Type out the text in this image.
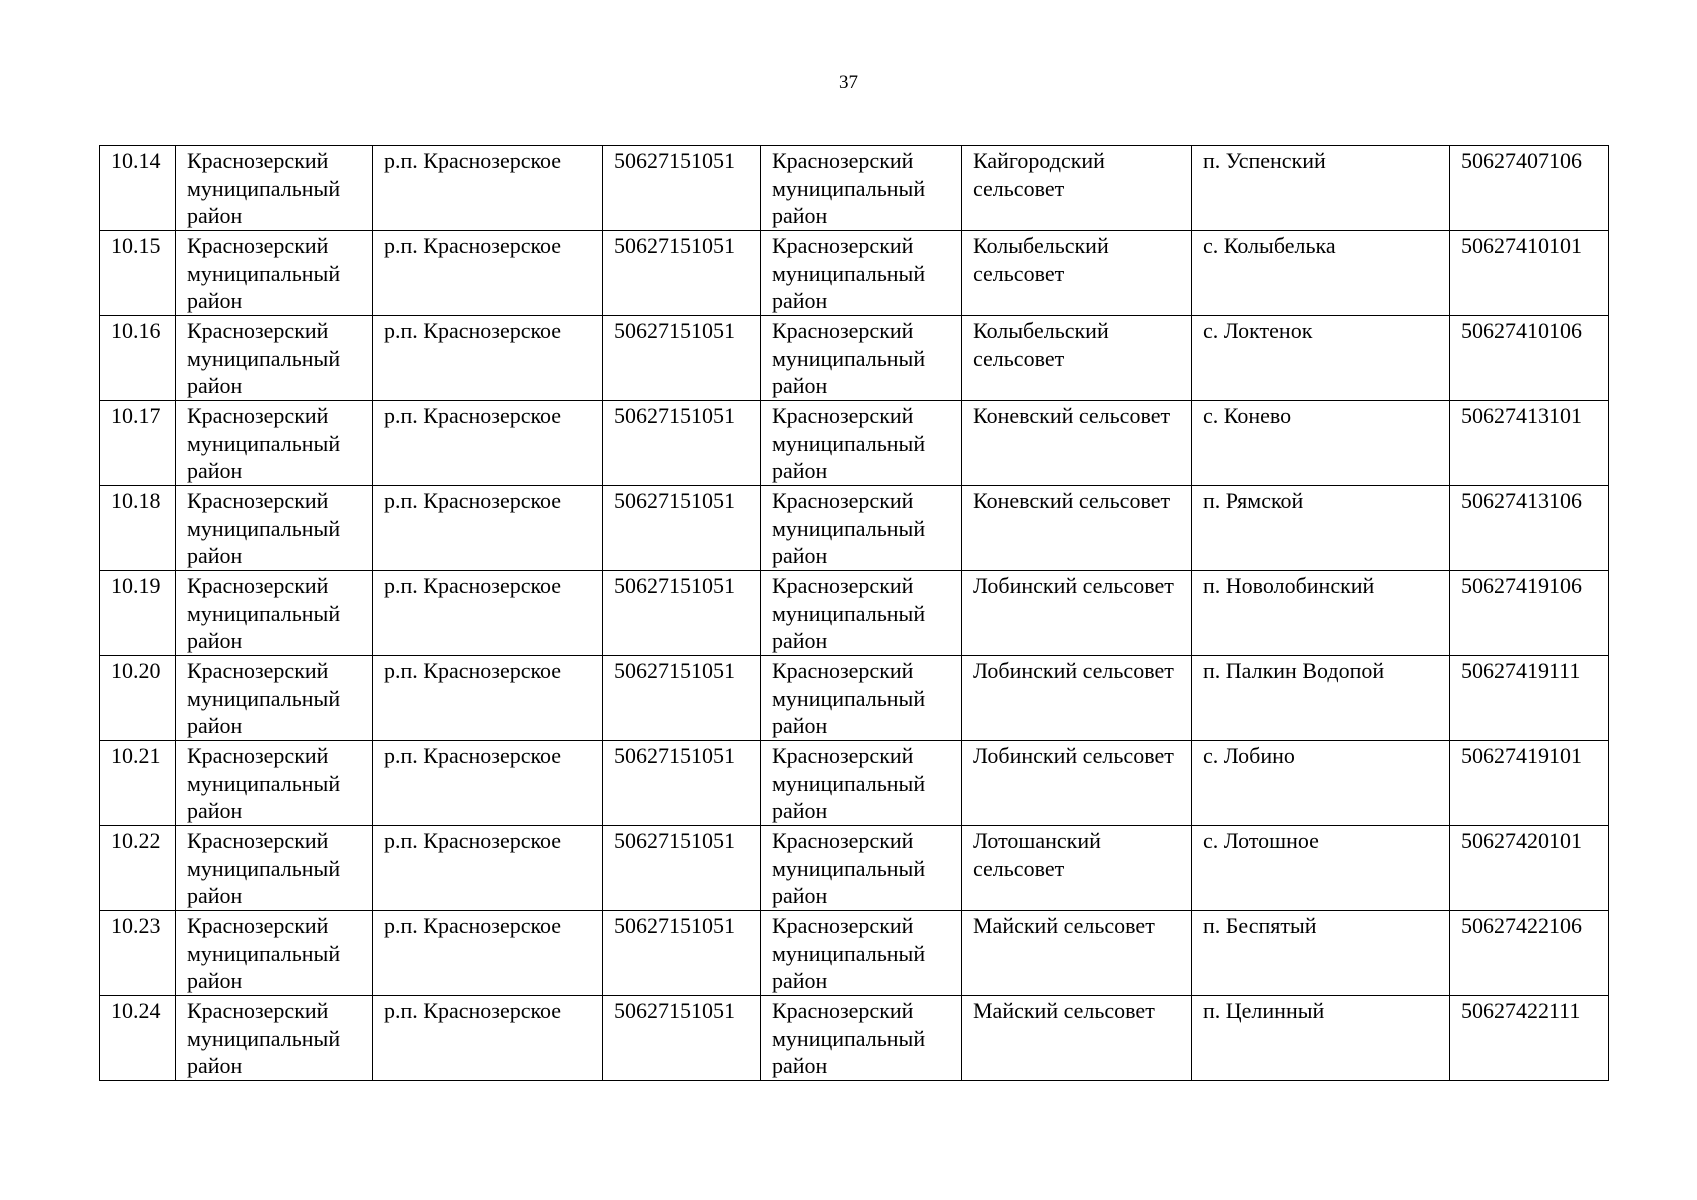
37
10.14	Краснозерский муниципальный район	р.п. Краснозерское	50627151051	Краснозерский муниципальный район	Кайгородский сельсовет	п. Успенский	50627407106
10.15	Краснозерский муниципальный район	р.п. Краснозерское	50627151051	Краснозерский муниципальный район	Колыбельский сельсовет	с. Колыбелька	50627410101
10.16	Краснозерский муниципальный район	р.п. Краснозерское	50627151051	Краснозерский муниципальный район	Колыбельский сельсовет	с. Локтенок	50627410106
10.17	Краснозерский муниципальный район	р.п. Краснозерское	50627151051	Краснозерский муниципальный район	Коневский сельсовет	с. Конево	50627413101
10.18	Краснозерский муниципальный район	р.п. Краснозерское	50627151051	Краснозерский муниципальный район	Коневский сельсовет	п. Рямской	50627413106
10.19	Краснозерский муниципальный район	р.п. Краснозерское	50627151051	Краснозерский муниципальный район	Лобинский сельсовет	п. Новолобинский	50627419106
10.20	Краснозерский муниципальный район	р.п. Краснозерское	50627151051	Краснозерский муниципальный район	Лобинский сельсовет	п. Палкин Водопой	50627419111
10.21	Краснозерский муниципальный район	р.п. Краснозерское	50627151051	Краснозерский муниципальный район	Лобинский сельсовет	с. Лобино	50627419101
10.22	Краснозерский муниципальный район	р.п. Краснозерское	50627151051	Краснозерский муниципальный район	Лотошанский сельсовет	с. Лотошное	50627420101
10.23	Краснозерский муниципальный район	р.п. Краснозерское	50627151051	Краснозерский муниципальный район	Майский сельсовет	п. Беспятый	50627422106
10.24	Краснозерский муниципальный район	р.п. Краснозерское	50627151051	Краснозерский муниципальный район	Майский сельсовет	п. Целинный	50627422111
